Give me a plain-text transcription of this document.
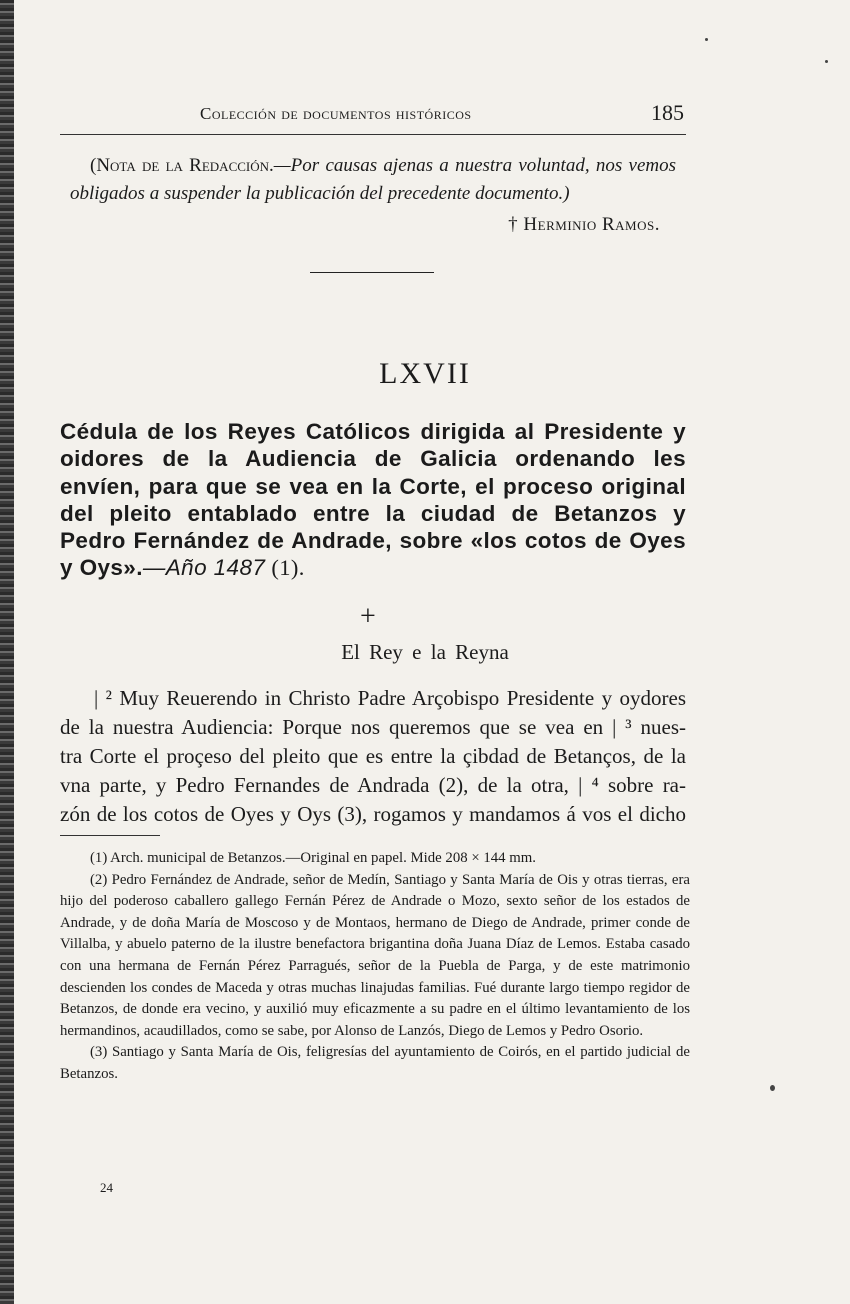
Colección de documentos históricos	185
(Nota de la Redacción.—Por causas ajenas a nuestra voluntad, nos vemos obligados a suspender la publicación del precedente documento.)
† Herminio Ramos.
LXVII
Cédula de los Reyes Católicos dirigida al Presidente y oidores de la Audiencia de Galicia ordenando les envíen, para que se vea en la Corte, el proceso original del pleito entablado entre la ciudad de Betanzos y Pedro Fernández de Andrade, sobre «los cotos de Oyes y Oys».—Año 1487 (1).
+
El Rey e la Reyna
| ² Muy Reuerendo in Christo Padre Arçobispo Presidente y oydores
de la nuestra Audiencia: Porque nos queremos que se vea en | ³ nues-
tra Corte el proçeso del pleito que es entre la çibdad de Betanços, de la
vna parte, y Pedro Fernandes de Andrada (2), de la otra, | ⁴ sobre ra-
zón de los cotos de Oyes y Oys (3), rogamos y mandamos á vos el dicho

(1) Arch. municipal de Betanzos.—Original en papel. Mide 208 × 144 mm.

(2) Pedro Fernández de Andrade, señor de Medín, Santiago y Santa María de Ois y otras tierras, era hijo del poderoso caballero gallego Fernán Pérez de Andrade o Mozo, sexto señor de los estados de Andrade, y de doña María de Moscoso y de Montaos, hermano de Diego de Andrade, primer conde de Villalba, y abuelo paterno de la ilustre benefactora brigantina doña Juana Díaz de Lemos. Estaba casado con una hermana de Fernán Pérez Parragués, señor de la Puebla de Parga, y de este matrimonio descienden los condes de Maceda y otras muchas linajudas familias. Fué durante largo tiempo regidor de Betanzos, de donde era vecino, y auxilió muy eficazmente a su padre en el último levantamiento de los hermandinos, acaudillados, como se sabe, por Alonso de Lanzós, Diego de Lemos y Pedro Osorio.

(3) Santiago y Santa María de Ois, feligresías del ayuntamiento de Coirós, en el partido judicial de Betanzos.

24
